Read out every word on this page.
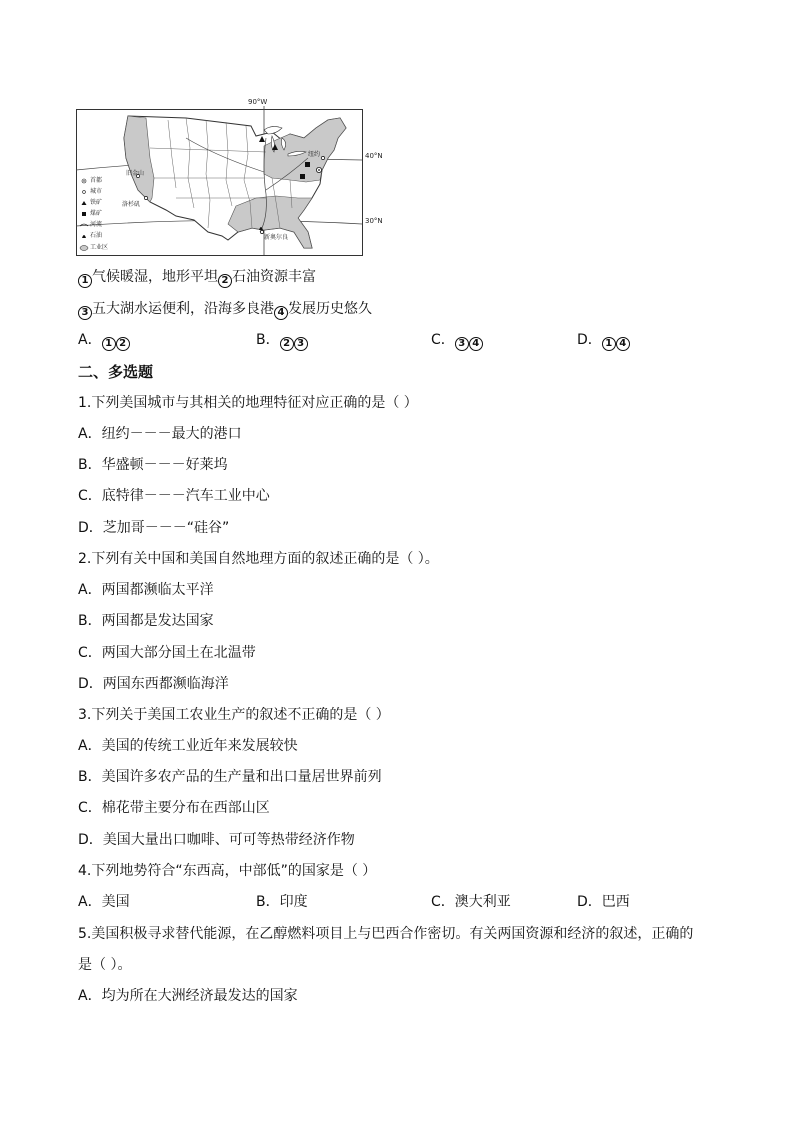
90°W
40°N
30°N
纽约
旧金山
洛杉矶
新奥尔良
首都
城市
铁矿
煤矿
河流
石油
工业区
1 气候暖湿，地形平坦 2 石油资源丰富
3 五大湖水运便利，沿海多良港 4 发展历史悠久
A． 1 2	B． 2 3	C． 3 4	D． 1 4
二、多选题
1.下列美国城市与其相关的地理特征对应正确的是（ ）
A．纽约－－－最大的港口
B．华盛顿－－－好莱坞
C．底特律－－－汽车工业中心
D．芝加哥－－－“硅谷”
2.下列有关中国和美国自然地理方面的叙述正确的是（ ）。
A．两国都濒临太平洋
B．两国都是发达国家
C．两国大部分国土在北温带
D．两国东西都濒临海洋
3.下列关于美国工农业生产的叙述不正确的是（ ）
A．美国的传统工业近年来发展较快
B．美国许多农产品的生产量和出口量居世界前列
C．棉花带主要分布在西部山区
D．美国大量出口咖啡、可可等热带经济作物
4.下列地势符合“东西高，中部低”的国家是（ ）
A．美国	B．印度	C．澳大利亚	D．巴西
5.美国积极寻求替代能源，在乙醇燃料项目上与巴西合作密切。有关两国资源和经济的叙述，正确的
是（ ）。
A．均为所在大洲经济最发达的国家
